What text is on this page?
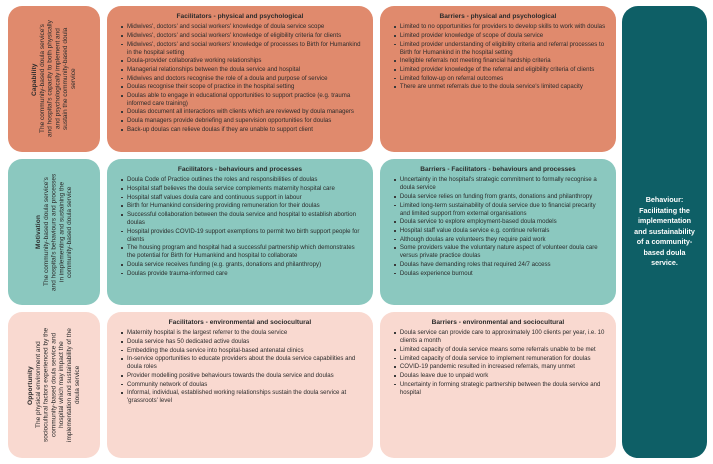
Capability The community-based doula service's and hospital's capacity to both physically and psychologically implement and sustain the community-based doula service
Facilitators - physical and psychological
Midwives', doctors' and social workers' knowledge of doula service scope
Midwives', doctors' and social workers' knowledge of eligibility criteria for clients
Midwives', doctors' and social workers' knowledge of processes to Birth for Humankind in the hospital setting
Doula-provider collaborative working relationships
Managerial relationships between the doula service and hospital
Midwives and doctors recognise the role of a doula and purpose of service
Doulas recognise their scope of practice in the hospital setting
Doulas able to engage in educational opportunities to support practice (e.g. trauma informed care training)
Doulas document all interactions with clients which are reviewed by doula managers
Doula managers provide debriefing and supervision opportunities for doulas
Back-up doulas can relieve doulas if they are unable to support client
Barriers - physical and psychological
Limited to no opportunities for providers to develop skills to work with doulas
Limited provider knowledge of scope of doula service
Limited provider understanding of eligibility criteria and referral processes to Birth for Humankind in the hospital setting
Ineligible referrals not meeting financial hardship criteria
Limited provider knowledge of the referral and eligibility criteria of clients
Limited follow-up on referral outcomes
There are unmet referrals due to the doula service's limited capacity
Motivation The community-based doula service's and hospital's behaviours and processes in implementing and sustaining the community-based doula service
Facilitators - behaviours and processes
Doula Code of Practice outlines the roles and responsibilities of doulas
Hospital staff believes the doula service complements maternity hospital care
Hospital staff values doula care and continuous support in labour
Birth for Humankind considering providing remuneration for their doulas
Successful collaboration between the doula service and hospital to establish abortion doulas
Hospital provides COVID-19 support exemptions to permit two birth support people for clients
The housing program and hospital had a successful partnership which demonstrates the potential for Birth for Humankind and hospital to collaborate
Doula service receives funding (e.g. grants, donations and philanthropy)
Doulas provide trauma-informed care
Barriers - Facilitators - behaviours and processes
Uncertainty in the hospital's strategic commitment to formally recognise a doula service
Doula service relies on funding from grants, donations and philanthropy
Limited long-term sustainability of doula service due to financial precarity and limited support from external organisations
Doula service to explore employment-based doula models
Hospital staff value doula service e.g. continue referrals
Although doulas are volunteers they require paid work
Some providers value the voluntary nature aspect of volunteer doula care versus private practice doulas
Doulas have demanding roles that required 24/7 access
Doulas experience burnout
Opportunity The physical environment and sociocultural factors experienced by the community-based doula service and hospital which may impact the implementation and sustainability of the doula service
Facilitators - environmental and sociocultural
Maternity hospital is the largest referrer to the doula service
Doula service has 50 dedicated active doulas
Embedding the doula service into hospital-based antenatal clinics
In-service opportunities to educate providers about the doula service capabilities and doula roles
Provider modelling positive behaviours towards the doula service and doulas
Community network of doulas
Informal, individual, established working relationships sustain the doula service at 'grassroots' level
Barriers - environmental and sociocultural
Doula service can provide care to approximately 100 clients per year, i.e. 10 clients a month
Limited capacity of doula service means some referrals unable to be met
Limited capacity of doula service to implement remuneration for doulas
COVID-19 pandemic resulted in increased referrals, many unmet
Doulas leave due to unpaid work
Uncertainty in forming strategic partnership between the doula service and hospital
Behaviour: Facilitating the implementation and sustainability of a community-based doula service.
